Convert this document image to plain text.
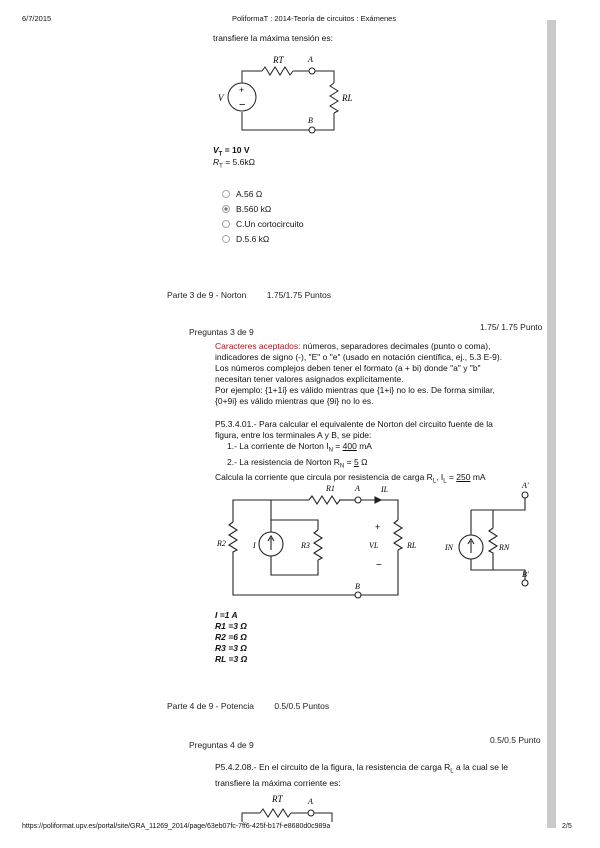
6/7/2015	PoliformaT : 2014-Teoría de circuitos : Exámenes
transfiere la máxima tensión es:
+
−
RT	A
B
V	RL
$V_T = 10$ V
$R_T = 5.6k\Omega$
A.56 Ω
B.560 kΩ
C.Un cortocircuito
D.5.6 kΩ
Parte 3 de 9 - Norton 1.75/1.75 Puntos
Preguntas 3 de 9	1.75/ 1.75 Punto
Caracteres aceptados: números, separadores decimales (punto o coma),
indicadores de signo (-), "E" o "e" (usado en notación científica, ej., 5.3 E-9).
Los números complejos deben tener el formato (a + bi) donde "a" y "b"
necesitan tener valores asignados explícitamente.
Por ejemplo: {1+1i} es válido mientras que {1+i} no lo es. De forma similar,
{0+9i} es válido mientras que {9i} no lo es.
P5.3.4.01.- Para calcular el equivalente de Norton del circuito fuente de la
figura, entre los terminales A y B, se pide:
1.- La corriente de Norton $I_N = 400$ mA
2.- La resistencia de Norton $R_N = 5$ Ω
Calcula la corriente que circula por resistencia de carga $R_L$, $I_L = 250$ mA
R1	A	IL
R2	I	R3	VL	RL
B
IN	RN
A'
B'
+
−
I =1 A
R1 =3 Ω
R2 =6 Ω
R3 =3 Ω
RL =3 Ω
Parte 4 de 9 - Potencia 0.5/0.5 Puntos
Preguntas 4 de 9	0.5/0.5 Punto
P5.4.2.08.- En el circuito de la figura, la resistencia de carga $R_L$ a la cual se le
transfiere la máxima corriente es:
RT	A
https://poliformat.upv.es/portal/site/GRA_11269_2014/page/63eb07fc-7ff6-425f-b17f-e8680d0c989a	2/5
